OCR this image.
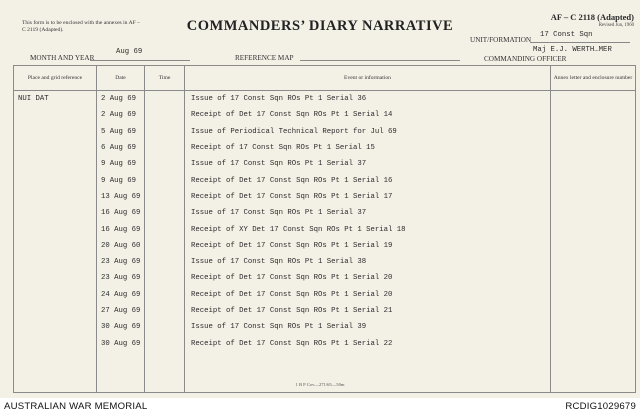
This form is to be enclosed with the annexes in AF – C 2119 (Adapted).	COMMANDERS’ DIARY NARRATIVE
AF – C 2118 (Adapted)
Revised Jun, 1960
MONTH AND YEAR
Aug 69
REFERENCE MAP
UNIT/FORMATION
17 Const Sqn
Maj E.J. WERTH…MER
COMMANDING OFFICER
Place and grid reference	Date	Time	Event or information	Annex letter and enclosure number
NUI DAT	2 Aug 69		Issue of 17 Const Sqn ROs Pt 1 Serial 36	
	2 Aug 69		Receipt of Det 17 Const Sqn ROs Pt 1 Serial 14	
	5 Aug 69		Issue of Periodical Technical Report for Jul 69	
	6 Aug 69		Receipt of 17 Const Sqn ROs Pt 1 Serial 15	
	9 Aug 69		Issue of 17 Const Sqn ROs Pt 1 Serial 37	
	9 Aug 69		Receipt of Det 17 Const Sqn ROs Pt 1 Serial 16	
	13 Aug 69		Receipt of Det 17 Const Sqn ROs Pt 1 Serial 17	
	16 Aug 69		Issue of 17 Const Sqn ROs Pt 1 Serial 37	
	16 Aug 69		Receipt of XY Det 17 Const Sqn ROs Pt 1 Serial 18	
	20 Aug 60		Receipt of Det 17 Const Sqn ROs Pt 1 Serial 19	
	23 Aug 69		Issue of 17 Const Sqn ROs Pt 1 Serial 38	
	23 Aug 69		Receipt of Det 17 Const Sqn ROs Pt 1 Serial 20	
	24 Aug 69		Receipt of Det 17 Const Sqn ROs Pt 1 Serial 20	
	27 Aug 69		Receipt of Det 17 Const Sqn ROs Pt 1 Serial 21	
	30 Aug 69		Issue of 17 Const Sqn ROs Pt 1 Serial 39	
	30 Aug 69		Receipt of Det 17 Const Sqn ROs Pt 1 Serial 22	

1 B P Cov—271/65—50m
AUSTRALIAN WAR MEMORIAL	RCDIG1029679
